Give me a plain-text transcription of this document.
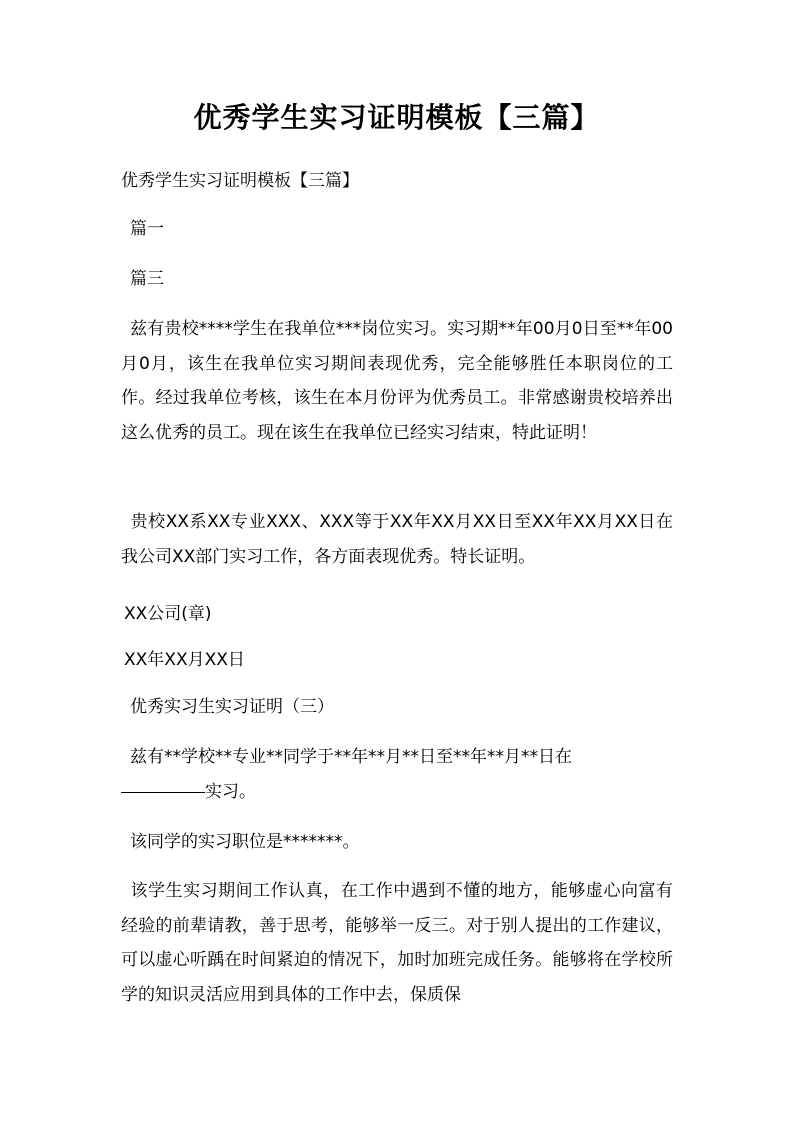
优秀学生实习证明模板【三篇】

优秀学生实习证明模板【三篇】

篇一

篇三

兹有贵校****学生在我单位***岗位实习。实习期**年00月0日至**年00月0月，该生在我单位实习期间表现优秀，完全能够胜任本职岗位的工作。经过我单位考核，该生在本月份评为优秀员工。非常感谢贵校培养出这么优秀的员工。现在该生在我单位已经实习结束，特此证明！

贵校XX系XX专业XXX、XXX等于XX年XX月XX日至XX年XX月XX日在我公司XX部门实习工作，各方面表现优秀。特长证明。

XX公司(章)

XX年XX月XX日

优秀实习生实习证明（三）

兹有**学校**专业**同学于**年**月**日至**年**月**日在
实习。

该同学的实习职位是*******。

该学生实习期间工作认真，在工作中遇到不懂的地方，能够虚心向富有经验的前辈请教，善于思考，能够举一反三。对于别人提出的工作建议，可以虚心听踽在时间紧迫的情况下，加时加班完成任务。能够将在学校所学的知识灵活应用到具体的工作中去，保质保
